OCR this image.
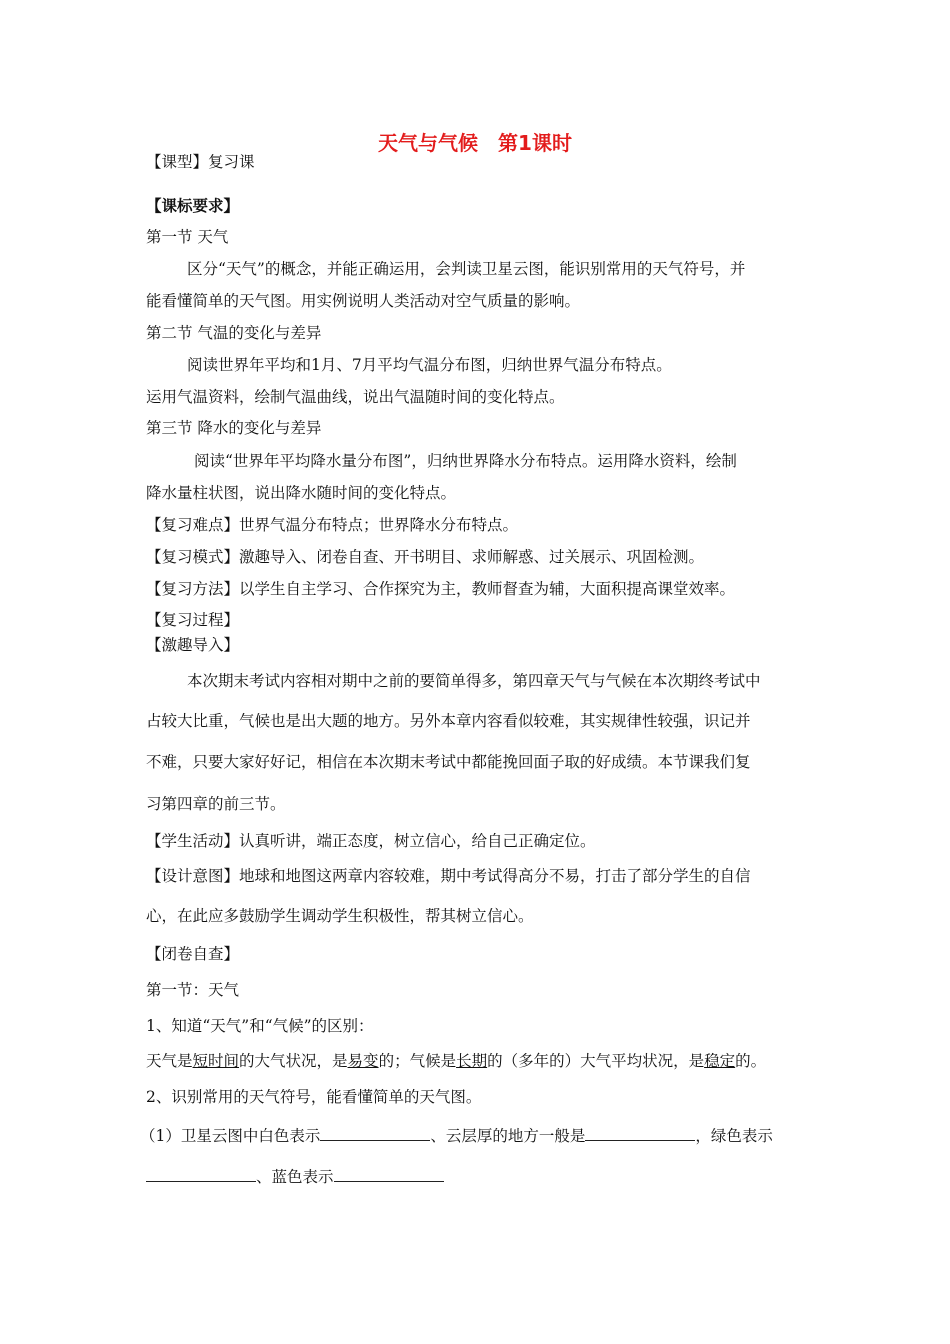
天气与气候　第1课时
【课型】复习课
【课标要求】
第一节 天气
区分“天气”的概念，并能正确运用，会判读卫星云图，能识别常用的天气符号，并
能看懂简单的天气图。用实例说明人类活动对空气质量的影响。
第二节 气温的变化与差异
阅读世界年平均和1月、7月平均气温分布图，归纳世界气温分布特点。
运用气温资料，绘制气温曲线，说出气温随时间的变化特点。
第三节 降水的变化与差异
阅读“世界年平均降水量分布图”，归纳世界降水分布特点。运用降水资料，绘制
降水量柱状图，说出降水随时间的变化特点。
【复习难点】世界气温分布特点；世界降水分布特点。
【复习模式】激趣导入、闭卷自查、开书明目、求师解惑、过关展示、巩固检测。
【复习方法】以学生自主学习、合作探究为主，教师督查为辅，大面积提高课堂效率。
【复习过程】
【激趣导入】
本次期末考试内容相对期中之前的要简单得多，第四章天气与气候在本次期终考试中
占较大比重，气候也是出大题的地方。另外本章内容看似较难，其实规律性较强，识记并
不难，只要大家好好记，相信在本次期末考试中都能挽回面子取的好成绩。本节课我们复
习第四章的前三节。
【学生活动】认真听讲，端正态度，树立信心，给自己正确定位。
【设计意图】地球和地图这两章内容较难，期中考试得高分不易，打击了部分学生的自信
心，在此应多鼓励学生调动学生积极性，帮其树立信心。
【闭卷自查】
第一节：天气
1、知道“天气”和“气候”的区别：
天气是短时间的大气状况，是易变的；气候是长期的（多年的）大气平均状况，是稳定的。
2、识别常用的天气符号，能看懂简单的天气图。
（1）卫星云图中白色表示	、云层厚的地方一般是	，绿色表示
、蓝色表示
